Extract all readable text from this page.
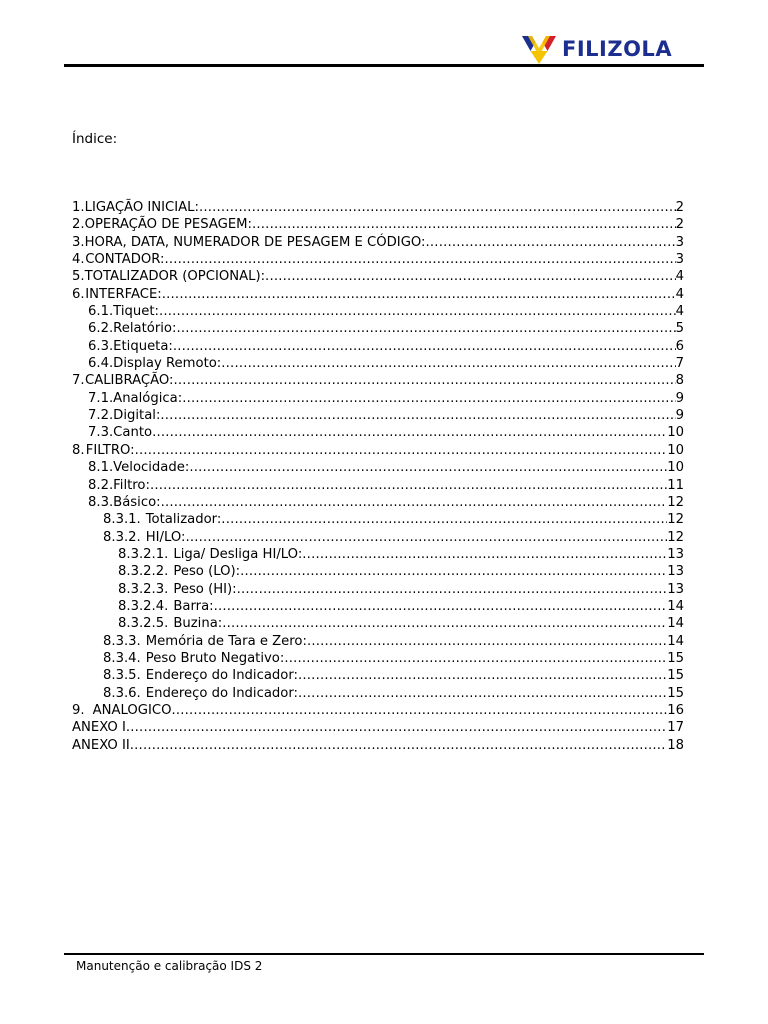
FILIZOLA
Índice:
1. LIGAÇÃO INICIAL: .....	2
2. OPERAÇÃO DE PESAGEM: .....	2
3. HORA, DATA, NUMERADOR DE PESAGEM E CÓDIGO: .....	3
4. CONTADOR: .....	3
5. TOTALIZADOR (OPCIONAL): .....	4
6. INTERFACE: .....	4
6.1. Tiquet: .....	4
6.2. Relatório: .....	5
6.3. Etiqueta: .....	6
6.4. Display Remoto: .....	7
7. CALIBRAÇÃO: .....	8
7.1. Analógica: .....	9
7.2. Digital: .....	9
7.3. Canto .....	10
8. FILTRO: .....	10
8.1. Velocidade: .....	10
8.2. Filtro: .....	11
8.3. Básico: .....	12
8.3.1. Totalizador: .....	12
8.3.2. HI/LO: .....	12
8.3.2.1. Liga/ Desliga HI/LO: .....	13
8.3.2.2. Peso (LO): .....	13
8.3.2.3. Peso (HI): .....	13
8.3.2.4. Barra: .....	14
8.3.2.5. Buzina: .....	14
8.3.3. Memória de Tara e Zero: .....	14
8.3.4. Peso Bruto Negativo: .....	15
8.3.5. Endereço do Indicador: .....	15
8.3.6. Endereço do Indicador: .....	15
9. ANALOGICO .....	16
ANEXO I .....	17
ANEXO II .....	18
Manutenção e calibração IDS 2
